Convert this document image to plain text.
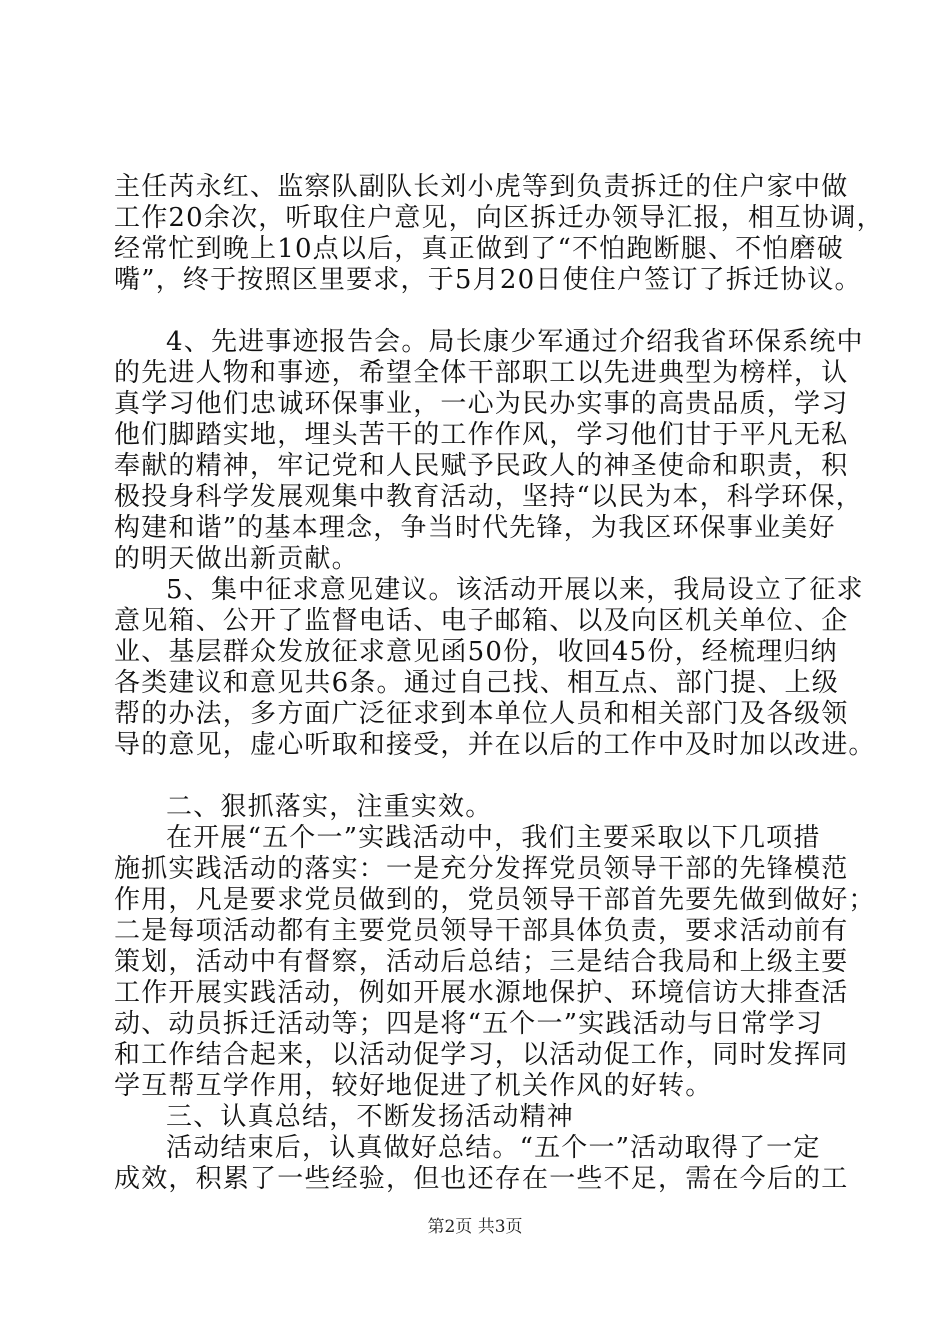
第2页 共3页
主任芮永红、监察队副队长刘小虎等到负责拆迁的住户家中做
工作20余次，听取住户意见，向区拆迁办领导汇报，相互协调，
经常忙到晚上10点以后，真正做到了“不怕跑断腿、不怕磨破
嘴”，终于按照区里要求，于5月20日使住户签订了拆迁协议。
4、先进事迹报告会。局长康少军通过介绍我省环保系统中
的先进人物和事迹，希望全体干部职工以先进典型为榜样，认
真学习他们忠诚环保事业，一心为民办实事的高贵品质，学习
他们脚踏实地，埋头苦干的工作作风，学习他们甘于平凡无私
奉献的精神，牢记党和人民赋予民政人的神圣使命和职责，积
极投身科学发展观集中教育活动，坚持“以民为本，科学环保，
构建和谐”的基本理念，争当时代先锋，为我区环保事业美好
的明天做出新贡献。
5、集中征求意见建议。该活动开展以来，我局设立了征求
意见箱、公开了监督电话、电子邮箱、以及向区机关单位、企
业、基层群众发放征求意见函50份，收回45份，经梳理归纳
各类建议和意见共6条。通过自己找、相互点、部门提、上级
帮的办法，多方面广泛征求到本单位人员和相关部门及各级领
导的意见，虚心听取和接受，并在以后的工作中及时加以改进。
二、狠抓落实，注重实效。
在开展“五个一”实践活动中，我们主要采取以下几项措
施抓实践活动的落实：一是充分发挥党员领导干部的先锋模范
作用，凡是要求党员做到的，党员领导干部首先要先做到做好；
二是每项活动都有主要党员领导干部具体负责，要求活动前有
策划，活动中有督察，活动后总结；三是结合我局和上级主要
工作开展实践活动，例如开展水源地保护、环境信访大排查活
动、动员拆迁活动等；四是将“五个一”实践活动与日常学习
和工作结合起来，以活动促学习，以活动促工作，同时发挥同
学互帮互学作用，较好地促进了机关作风的好转。
三、认真总结，不断发扬活动精神
活动结束后，认真做好总结。“五个一”活动取得了一定
成效，积累了一些经验，但也还存在一些不足，需在今后的工
